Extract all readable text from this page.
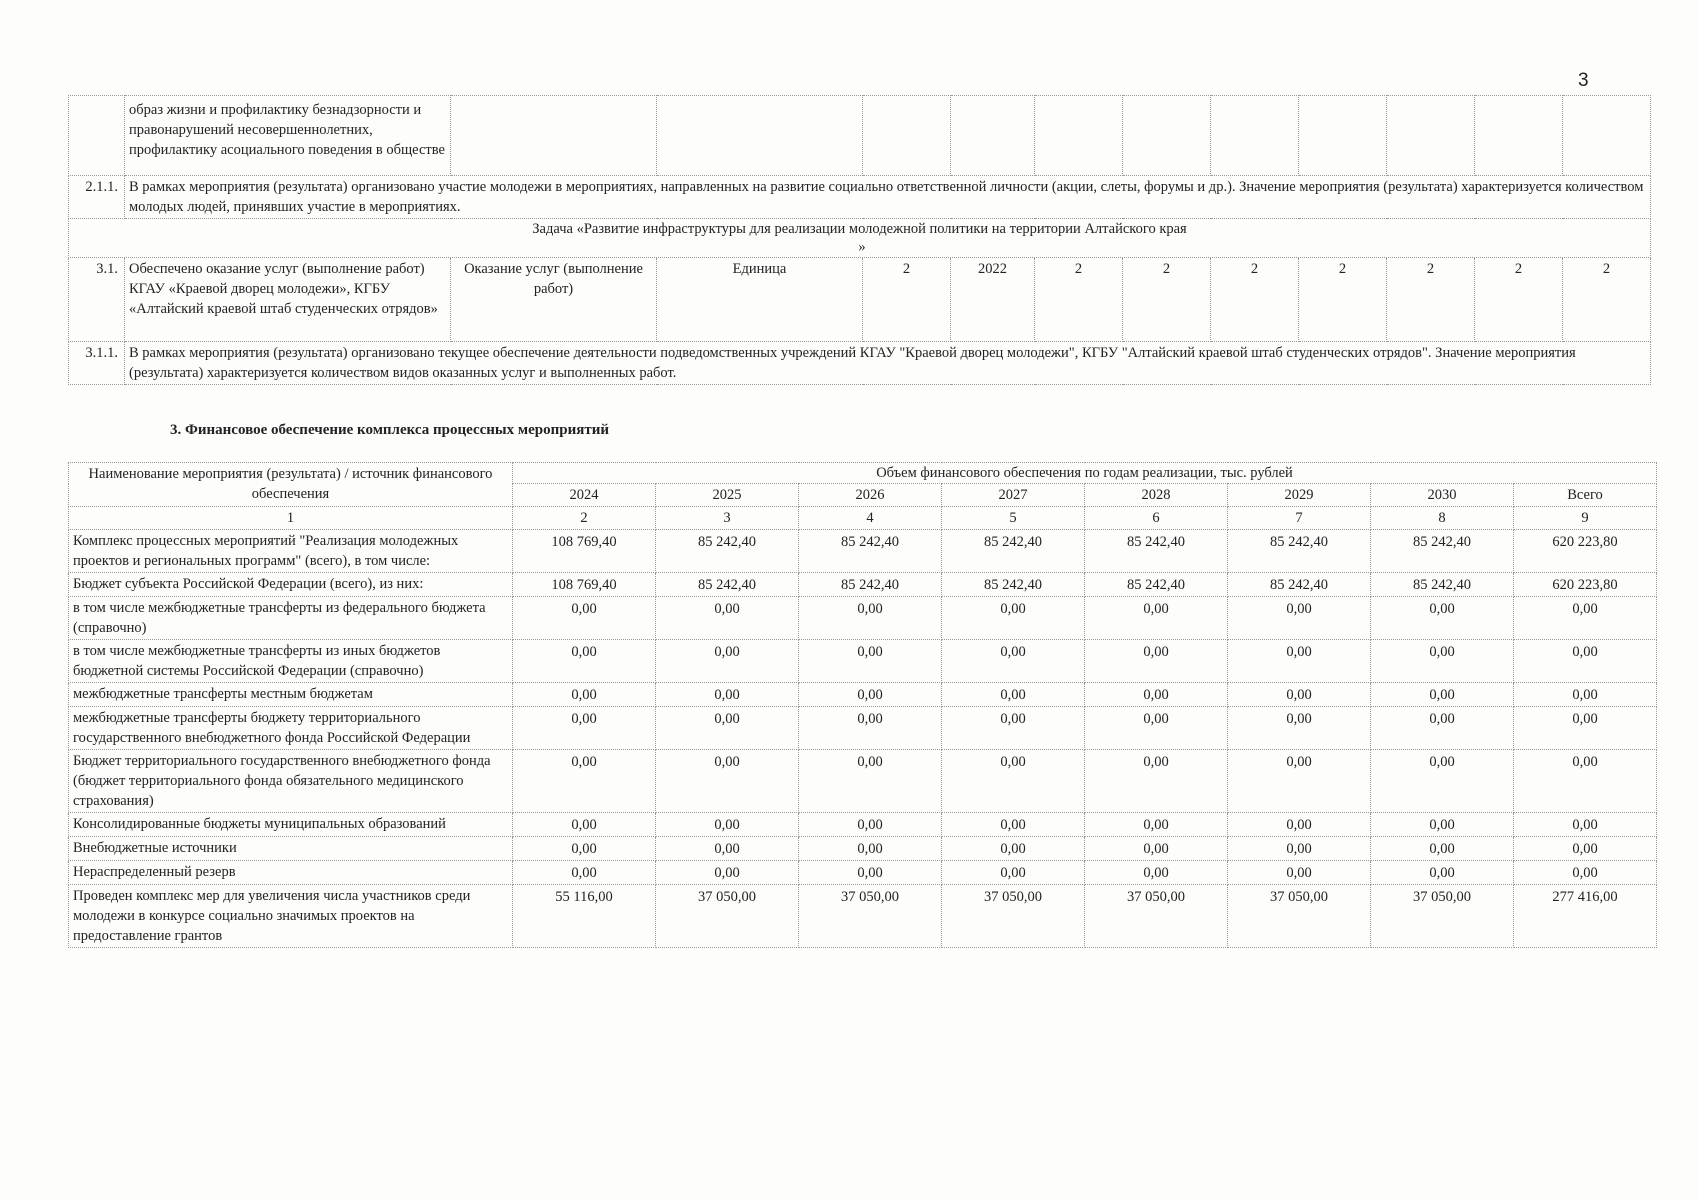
3
	образ жизни и профилактику безнадзорности и правонарушений несовершеннолетних, профилактику асоциального поведения в обществе											
2.1.1.	В рамках мероприятия (результата) организовано участие молодежи в мероприятиях, направленных на развитие социально ответственной личности (акции, слеты, форумы и др.). Значение мероприятия (результата) характеризуется количеством молодых людей, принявших участие в мероприятиях.											

Задача «Развитие инфраструктуры для реализации молодежной политики на территории Алтайского края
»												

3.1.	Обеспечено оказание услуг (выполнение работ) КГАУ «Краевой дворец молодежи», КГБУ «Алтайский краевой штаб студенческих отрядов»	Оказание услуг (выполнение работ)	Единица	2	2022	2	2	2	2	2	2	2
3.1.1.	В рамках мероприятия (результата) организовано текущее обеспечение деятельности подведомственных учреждений КГАУ "Краевой дворец молодежи", КГБУ "Алтайский краевой штаб студенческих отрядов". Значение мероприятия (результата) характеризуется количеством видов оказанных услуг и выполненных работ.											
3. Финансовое обеспечение комплекса процессных мероприятий
Наименование мероприятия (результата) / источник финансового обеспечения	Объем финансового обеспечения по годам реализации, тыс. рублей							
	2024	2025	2026	2027	2028	2029	2030	Всего
1	2	3	4	5	6	7	8	9
Комплекс процессных мероприятий "Реализация молодежных проектов и региональных программ" (всего), в том числе:	108 769,40	85 242,40	85 242,40	85 242,40	85 242,40	85 242,40	85 242,40	620 223,80
Бюджет субъекта Российской Федерации (всего), из них:	108 769,40	85 242,40	85 242,40	85 242,40	85 242,40	85 242,40	85 242,40	620 223,80
в том числе межбюджетные трансферты из федерального бюджета (справочно)	0,00	0,00	0,00	0,00	0,00	0,00	0,00	0,00
в том числе межбюджетные трансферты из иных бюджетов бюджетной системы Российской Федерации (справочно)	0,00	0,00	0,00	0,00	0,00	0,00	0,00	0,00
межбюджетные трансферты местным бюджетам	0,00	0,00	0,00	0,00	0,00	0,00	0,00	0,00
межбюджетные трансферты бюджету территориального государственного внебюджетного фонда Российской Федерации	0,00	0,00	0,00	0,00	0,00	0,00	0,00	0,00
Бюджет территориального государственного внебюджетного фонда (бюджет территориального фонда обязательного медицинского страхования)	0,00	0,00	0,00	0,00	0,00	0,00	0,00	0,00
Консолидированные бюджеты муниципальных образований	0,00	0,00	0,00	0,00	0,00	0,00	0,00	0,00
Внебюджетные источники	0,00	0,00	0,00	0,00	0,00	0,00	0,00	0,00
Нераспределенный резерв	0,00	0,00	0,00	0,00	0,00	0,00	0,00	0,00
Проведен комплекс мер для увеличения числа участников среди молодежи в конкурсе социально значимых проектов на предоставление грантов	55 116,00	37 050,00	37 050,00	37 050,00	37 050,00	37 050,00	37 050,00	277 416,00
